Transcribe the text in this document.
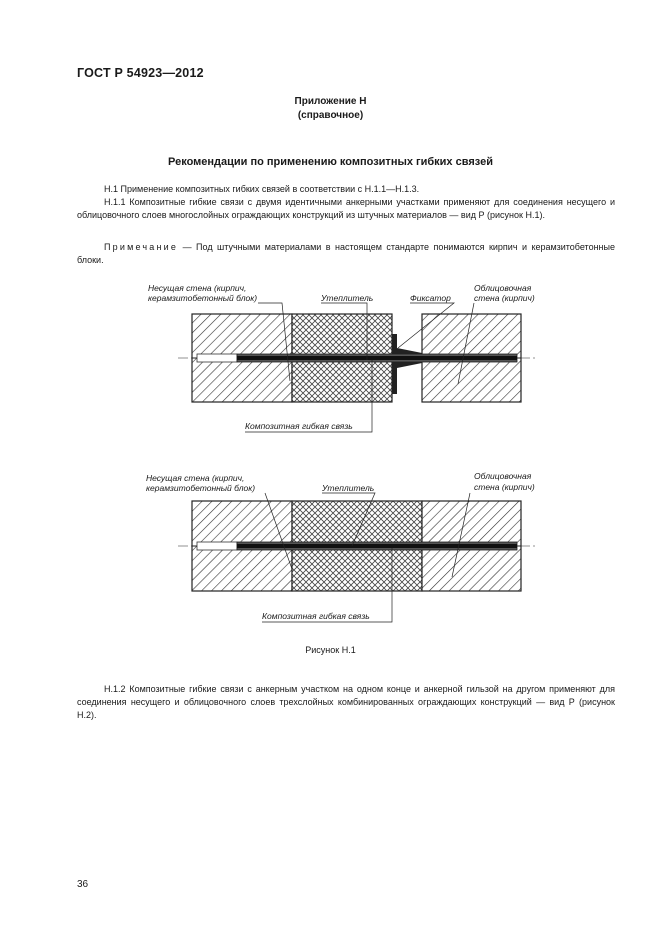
ГОСТ Р 54923—2012
Приложение Н
(справочное)
Рекомендации по применению композитных гибких связей
Н.1 Применение композитных гибких связей в соответствии с Н.1.1—Н.1.3.
Н.1.1 Композитные гибкие связи с двумя идентичными анкерными участками применяют для соединения несущего и облицовочного слоев многослойных ограждающих конструкций из штучных материалов — вид Р (рисунок Н.1).
Примечание — Под штучными материалами в настоящем стандарте понимаются кирпич и керамзитобетонные блоки.
Несущая стена (кирпич,
керамзитобетонный блок)	Утеплитель	Фиксатор
Облицовочная
стена (кирпич)
Композитная гибкая связь
Несущая стена (кирпич,
керамзитобетонный блок)	Утеплитель
Облицовочная
стена (кирпич)
Композитная гибкая связь
Рисунок Н.1
Н.1.2 Композитные гибкие связи с анкерным участком на одном конце и анкерной гильзой на другом применяют для соединения несущего и облицовочного слоев трехслойных комбинированных ограждающих конструкций — вид Р (рисунок Н.2).
36
